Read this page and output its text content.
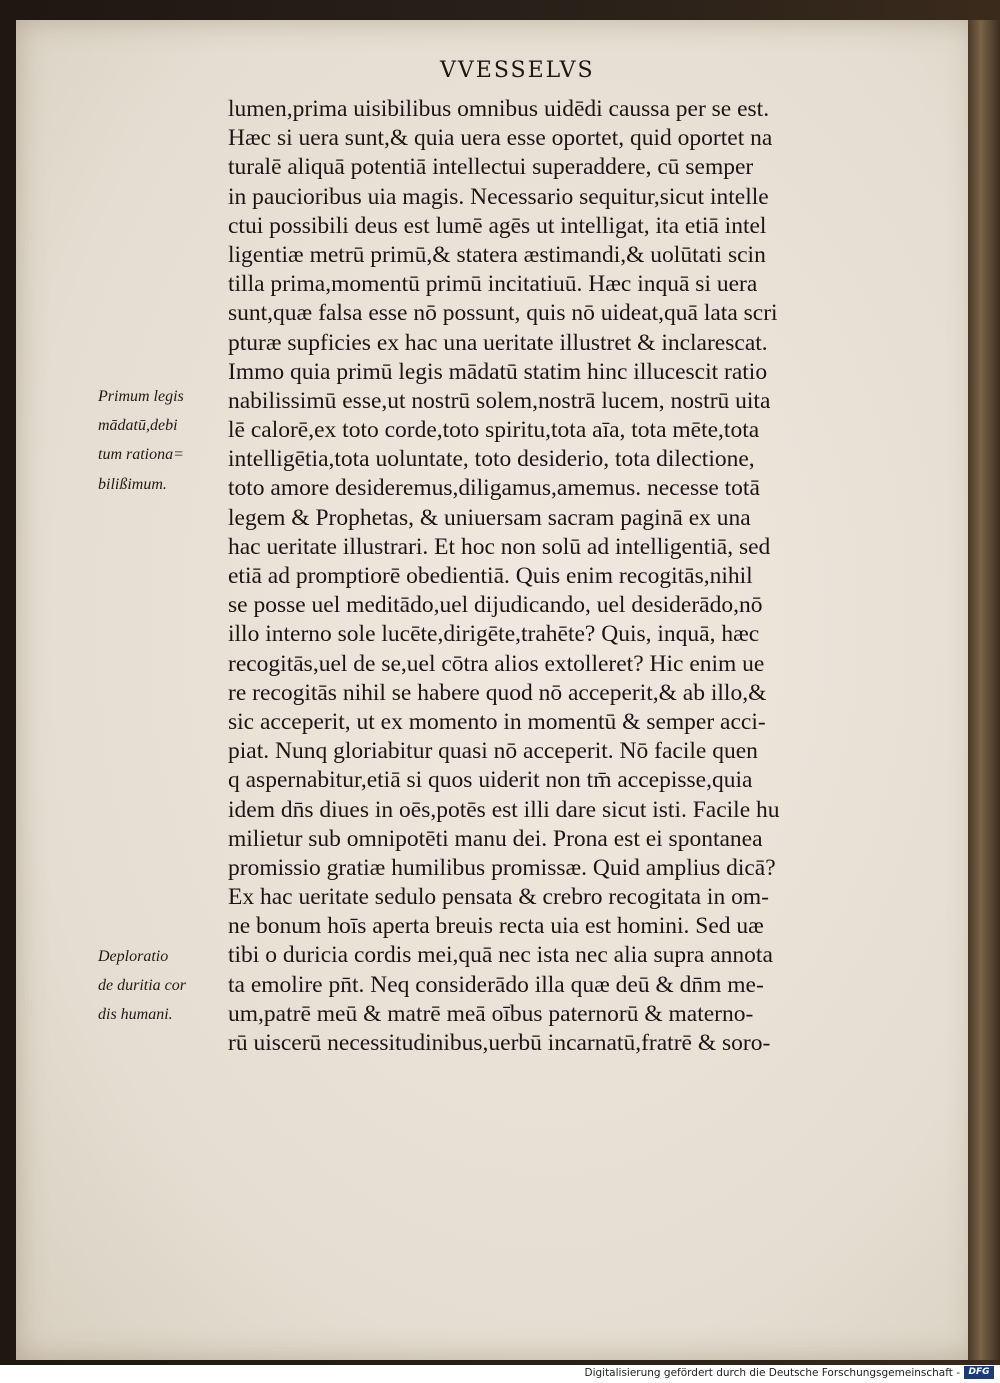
VVESSELVS
lumen,prima uisibilibus omnibus uidēdi caussa per se est.
Hæc si uera sunt,& quia uera esse oportet, quid oportet na
turalē aliquā potentiā intellectui superaddere, cū semper
in paucioribus uia magis. Necessario sequitur,sicut intelle
ctui possibili deus est lumē agēs ut intelligat, ita etiā intel
ligentiæ metrū primū,& statera æstimandi,& uolūtati scin
tilla prima,momentū primū incitatiuū. Hæc inquā si uera
sunt,quæ falsa esse nō possunt, quis nō uideat,quā lata scri
pturæ supficies ex hac una ueritate illustret & inclarescat.
Immo quia primū legis mādatū statim hinc illucescit ratio
nabilissimū esse,ut nostrū solem,nostrā lucem, nostrū uita
lē calorē,ex toto corde,toto spiritu,tota aīa, tota mēte,tota
intelligētia,tota uoluntate, toto desiderio, tota dilectione,
toto amore desideremus,diligamus,amemus. necesse totā
legem & Prophetas, & uniuersam sacram paginā ex una
hac ueritate illustrari. Et hoc non solū ad intelligentiā, sed
etiā ad promptiorē obedientiā. Quis enim recogitās,nihil
se posse uel meditādo,uel dijudicando, uel desiderādo,nō
illo interno sole lucēte,dirigēte,trahēte? Quis, inquā, hæc
recogitās,uel de se,uel cōtra alios extolleret? Hic enim ue
re recogitās nihil se habere quod nō acceperit,& ab illo,&
sic acceperit, ut ex momento in momentū & semper acci-
piat. Nunq gloriabitur quasi nō acceperit. Nō facile quen
q aspernabitur,etiā si quos uiderit non tm̄ accepisse,quia
idem dn̄s diues in oēs,potēs est illi dare sicut isti. Facile hu
milietur sub omnipotēti manu dei. Prona est ei spontanea
promissio gratiæ humilibus promissæ. Quid amplius dicā?
Ex hac ueritate sedulo pensata & crebro recogitata in om-
ne bonum hoīs aperta breuis recta uia est homini. Sed uæ
tibi o duricia cordis mei,quā nec ista nec alia supra annota
ta emolire pn̄t. Neq considerādo illa quæ deū & dn̄m me-
um,patrē meū & matrē meā oībus paternorū & materno-
rū uiscerū necessitudinibus,uerbū incarnatū,fratrē & soro-
Primum legis
mādatū,debi
tum rationa=
bilißimum.
Deploratio
de duritia cor
dis humani.
Digitalisierung gefördert durch die Deutsche Forschungsgemeinschaft - DFG
